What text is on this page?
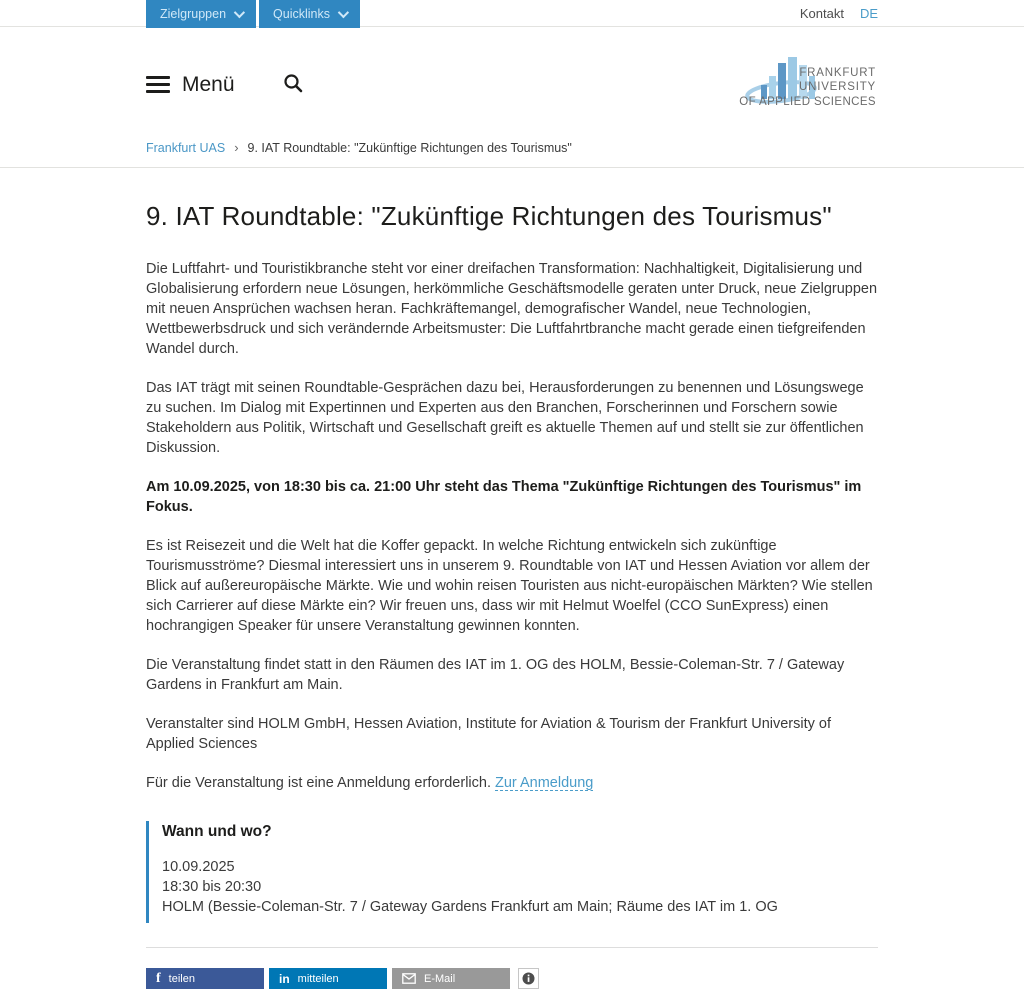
Zielgruppen	Quicklinks	Kontakt DE
Menü	FRANKFURT
UNIVERSITY
OF APPLIED SCIENCES
Frankfurt UAS › 9. IAT Roundtable: "Zukünftige Richtungen des Tourismus"
9. IAT Roundtable: "Zukünftige Richtungen des Tourismus"

Die Luftfahrt- und Touristikbranche steht vor einer dreifachen Transformation: Nachhaltigkeit, Digitalisierung und Globalisierung erfordern neue Lösungen, herkömmliche Geschäftsmodelle geraten unter Druck, neue Zielgruppen mit neuen Ansprüchen wachsen heran. Fachkräftemangel, demografischer Wandel, neue Technologien, Wettbewerbsdruck und sich verändernde Arbeitsmuster: Die Luftfahrtbranche macht gerade einen tiefgreifenden Wandel durch.

Das IAT trägt mit seinen Roundtable-Gesprächen dazu bei, Herausforderungen zu benennen und Lösungswege zu suchen. Im Dialog mit Expertinnen und Experten aus den Branchen, Forscherinnen und Forschern sowie Stakeholdern aus Politik, Wirtschaft und Gesellschaft greift es aktuelle Themen auf und stellt sie zur öffentlichen Diskussion.

Am 10.09.2025, von 18:30 bis ca. 21:00 Uhr steht das Thema "Zukünftige Richtungen des Tourismus" im Fokus.

Es ist Reisezeit und die Welt hat die Koffer gepackt. In welche Richtung entwickeln sich zukünftige Tourismusströme? Diesmal interessiert uns in unserem 9. Roundtable von IAT und Hessen Aviation vor allem der Blick auf außereuropäische Märkte. Wie und wohin reisen Touristen aus nicht-europäischen Märkten? Wie stellen sich Carrierer auf diese Märkte ein? Wir freuen uns, dass wir mit Helmut Woelfel (CCO SunExpress) einen hochrangigen Speaker für unsere Veranstaltung gewinnen konnten.

Die Veranstaltung findet statt in den Räumen des IAT im 1. OG des HOLM, Bessie-Coleman-Str. 7 / Gateway Gardens in Frankfurt am Main.

Veranstalter sind HOLM GmbH, Hessen Aviation, Institute for Aviation & Tourism der Frankfurt University of Applied Sciences

Für die Veranstaltung ist eine Anmeldung erforderlich. Zur Anmeldung

Wann und wo?
10.09.2025
18:30 bis 20:30
HOLM (Bessie-Coleman-Str. 7 / Gateway Gardens Frankfurt am Main; Räume des IAT im 1. OG
f teilen	in mitteilen	E-Mail
